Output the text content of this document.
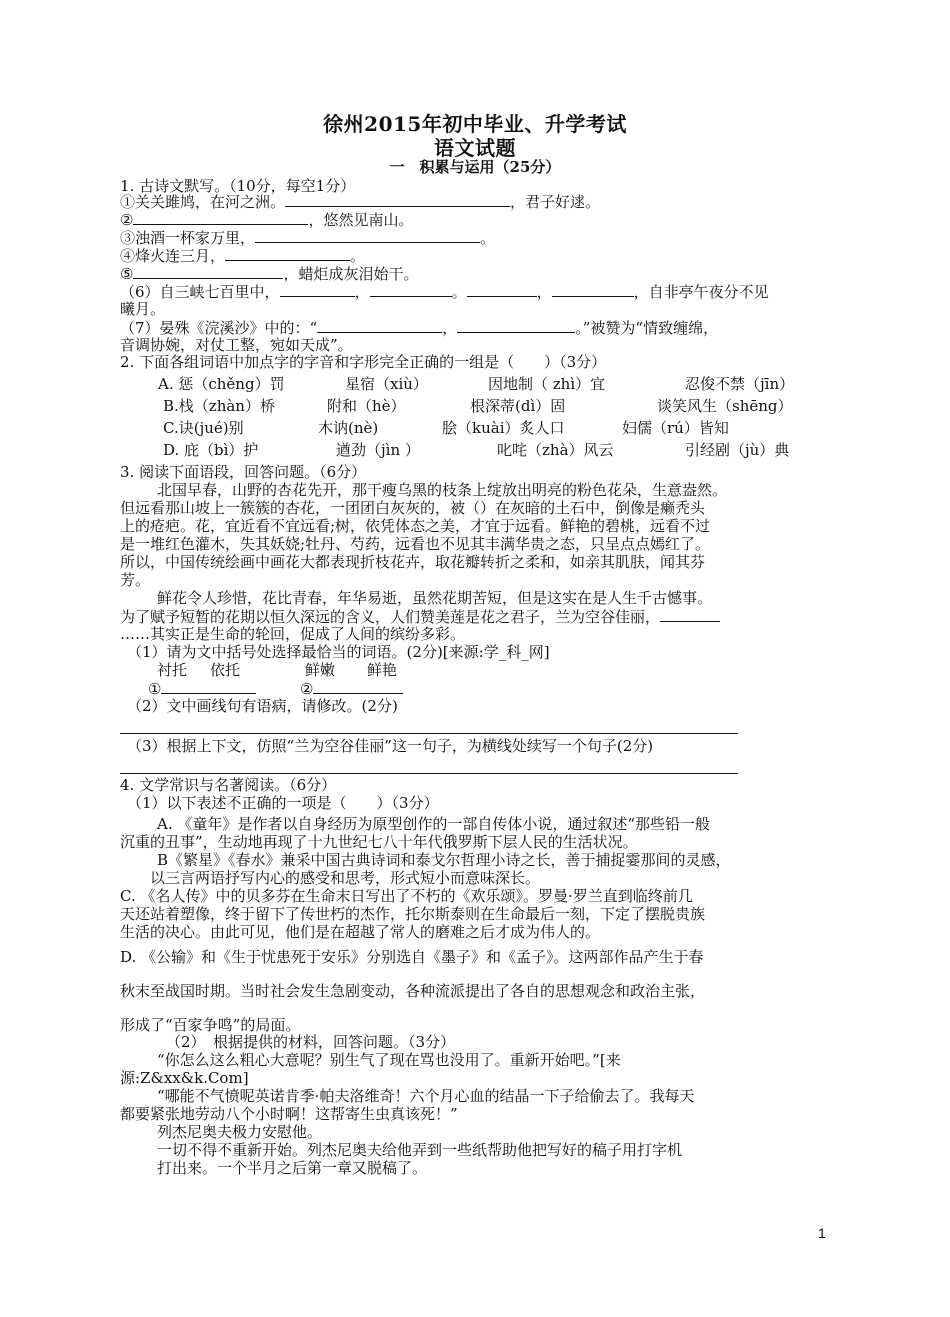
徐州2015年初中毕业、升学考试
语文试题
一　积累与运用（25分）
1. 古诗文默写。（10分，每空1分）
①关关雎鸠，在河之洲。	，君子好逑。
②	，悠然见南山。
③浊酒一杯家万里，	。
④烽火连三月，	。
⑤	，蜡炬成灰泪始干。
（6）自三峡七百里中，	，	。	，	，自非亭午夜分不见
曦月。
（7）晏殊《浣溪沙》中的：“	，	。”被赞为“情致缠绵，
音调协婉，对仗工整，宛如天成”。
2. 下面各组词语中加点字的字音和字形完全正确的一组是（　　）（3分）
A. 惩（chěng）罚	星宿（xiù）	因地制（ zhì）宜	忍俊不禁（jīn）
B.栈（zhàn）桥	附和（hè）	根深蒂(dì）固	谈笑风生（shēng）
C.诀(jué)别	木讷(nè)	脍（kuài）炙人口	妇儒（rú）皆知
D. 庇（bì）护	遒劲（jìn ）	叱咤（zhà）风云	引经剧（jù）典
3. 阅读下面语段，回答问题。（6分）
北国早春，山野的杏花先开，那干瘦乌黑的枝条上绽放出明亮的粉色花朵，生意盎然。
但远看那山坡上一簇簇的杏花，一团团白灰灰的，被（）在灰暗的土石中，倒像是癞秃头
上的疮疤。花，宜近看不宜远看;树，依凭体态之美，才宜于远看。鲜艳的碧桃，远看不过
是一堆红色灌木，失其妖娆;牡丹、芍药，远看也不见其丰满华贵之态，只呈点点嫣红了。
所以，中国传统绘画中画花大都表现折枝花卉，取花瓣转折之柔和，如亲其肌肤，闻其芬
芳。
鲜花令人珍惜，花比青春，年华易逝，虽然花期苦短，但是这实在是人生千古憾事。
为了赋予短暂的花期以恒久深远的含义，人们赞美莲是花之君子，兰为空谷佳丽，
……其实正是生命的轮回，促成了人间的缤纷多彩。
（1）请为文中括号处选择最恰当的词语。(2分)[来源:学_科_网]
衬托 依托	鲜嫩 鲜艳
①	②
（2）文中画线句有语病，请修改。(2分)
（3）根据上下文，仿照“兰为空谷佳丽”这一句子，为横线处续写一个句子(2分)
4. 文学常识与名著阅读。（6分）
（1）以下表述不正确的一项是（　　）（3分）
A. 《童年》是作者以自身经历为原型创作的一部自传体小说，通过叙述“那些铅一般
沉重的丑事”，生动地再现了十九世纪七八十年代俄罗斯下层人民的生活状况。
B《繁星》《春水》兼采中国古典诗词和泰戈尔哲理小诗之长，善于捕捉霎那间的灵感，
以三言两语抒写内心的感受和思考，形式短小而意味深长。
C. 《名人传》中的贝多芬在生命末日写出了不朽的《欢乐颂》。罗曼·罗兰直到临终前几
天还站着塑像，终于留下了传世朽的杰作，托尔斯泰则在生命最后一刻，下定了摆脱贵族
生活的决心。由此可见，他们是在超越了常人的磨难之后才成为伟人的。
D. 《公输》和《生于忧患死于安乐》分别选自《墨子》和《孟子》。这两部作品产生于春
秋末至战国时期。当时社会发生急剧变动，各种流派提出了各自的思想观念和政治主张，
形成了“百家争鸣”的局面。
（2）　根据提供的材料，回答问题。（3分）
“你怎么这么粗心大意呢？别生气了现在骂也没用了。重新开始吧。”[来
源:Z&xx&k.Com]
“哪能不气愤呢英诺肯季·帕夫洛维奇！六个月心血的结晶一下子给偷去了。我每天
都要紧张地劳动八个小时啊！这帮寄生虫真该死！”
列杰尼奥夫极力安慰他。
一切不得不重新开始。列杰尼奥夫给他弄到一些纸帮助他把写好的稿子用打字机
打出来。一个半月之后第一章又脱稿了。
1
